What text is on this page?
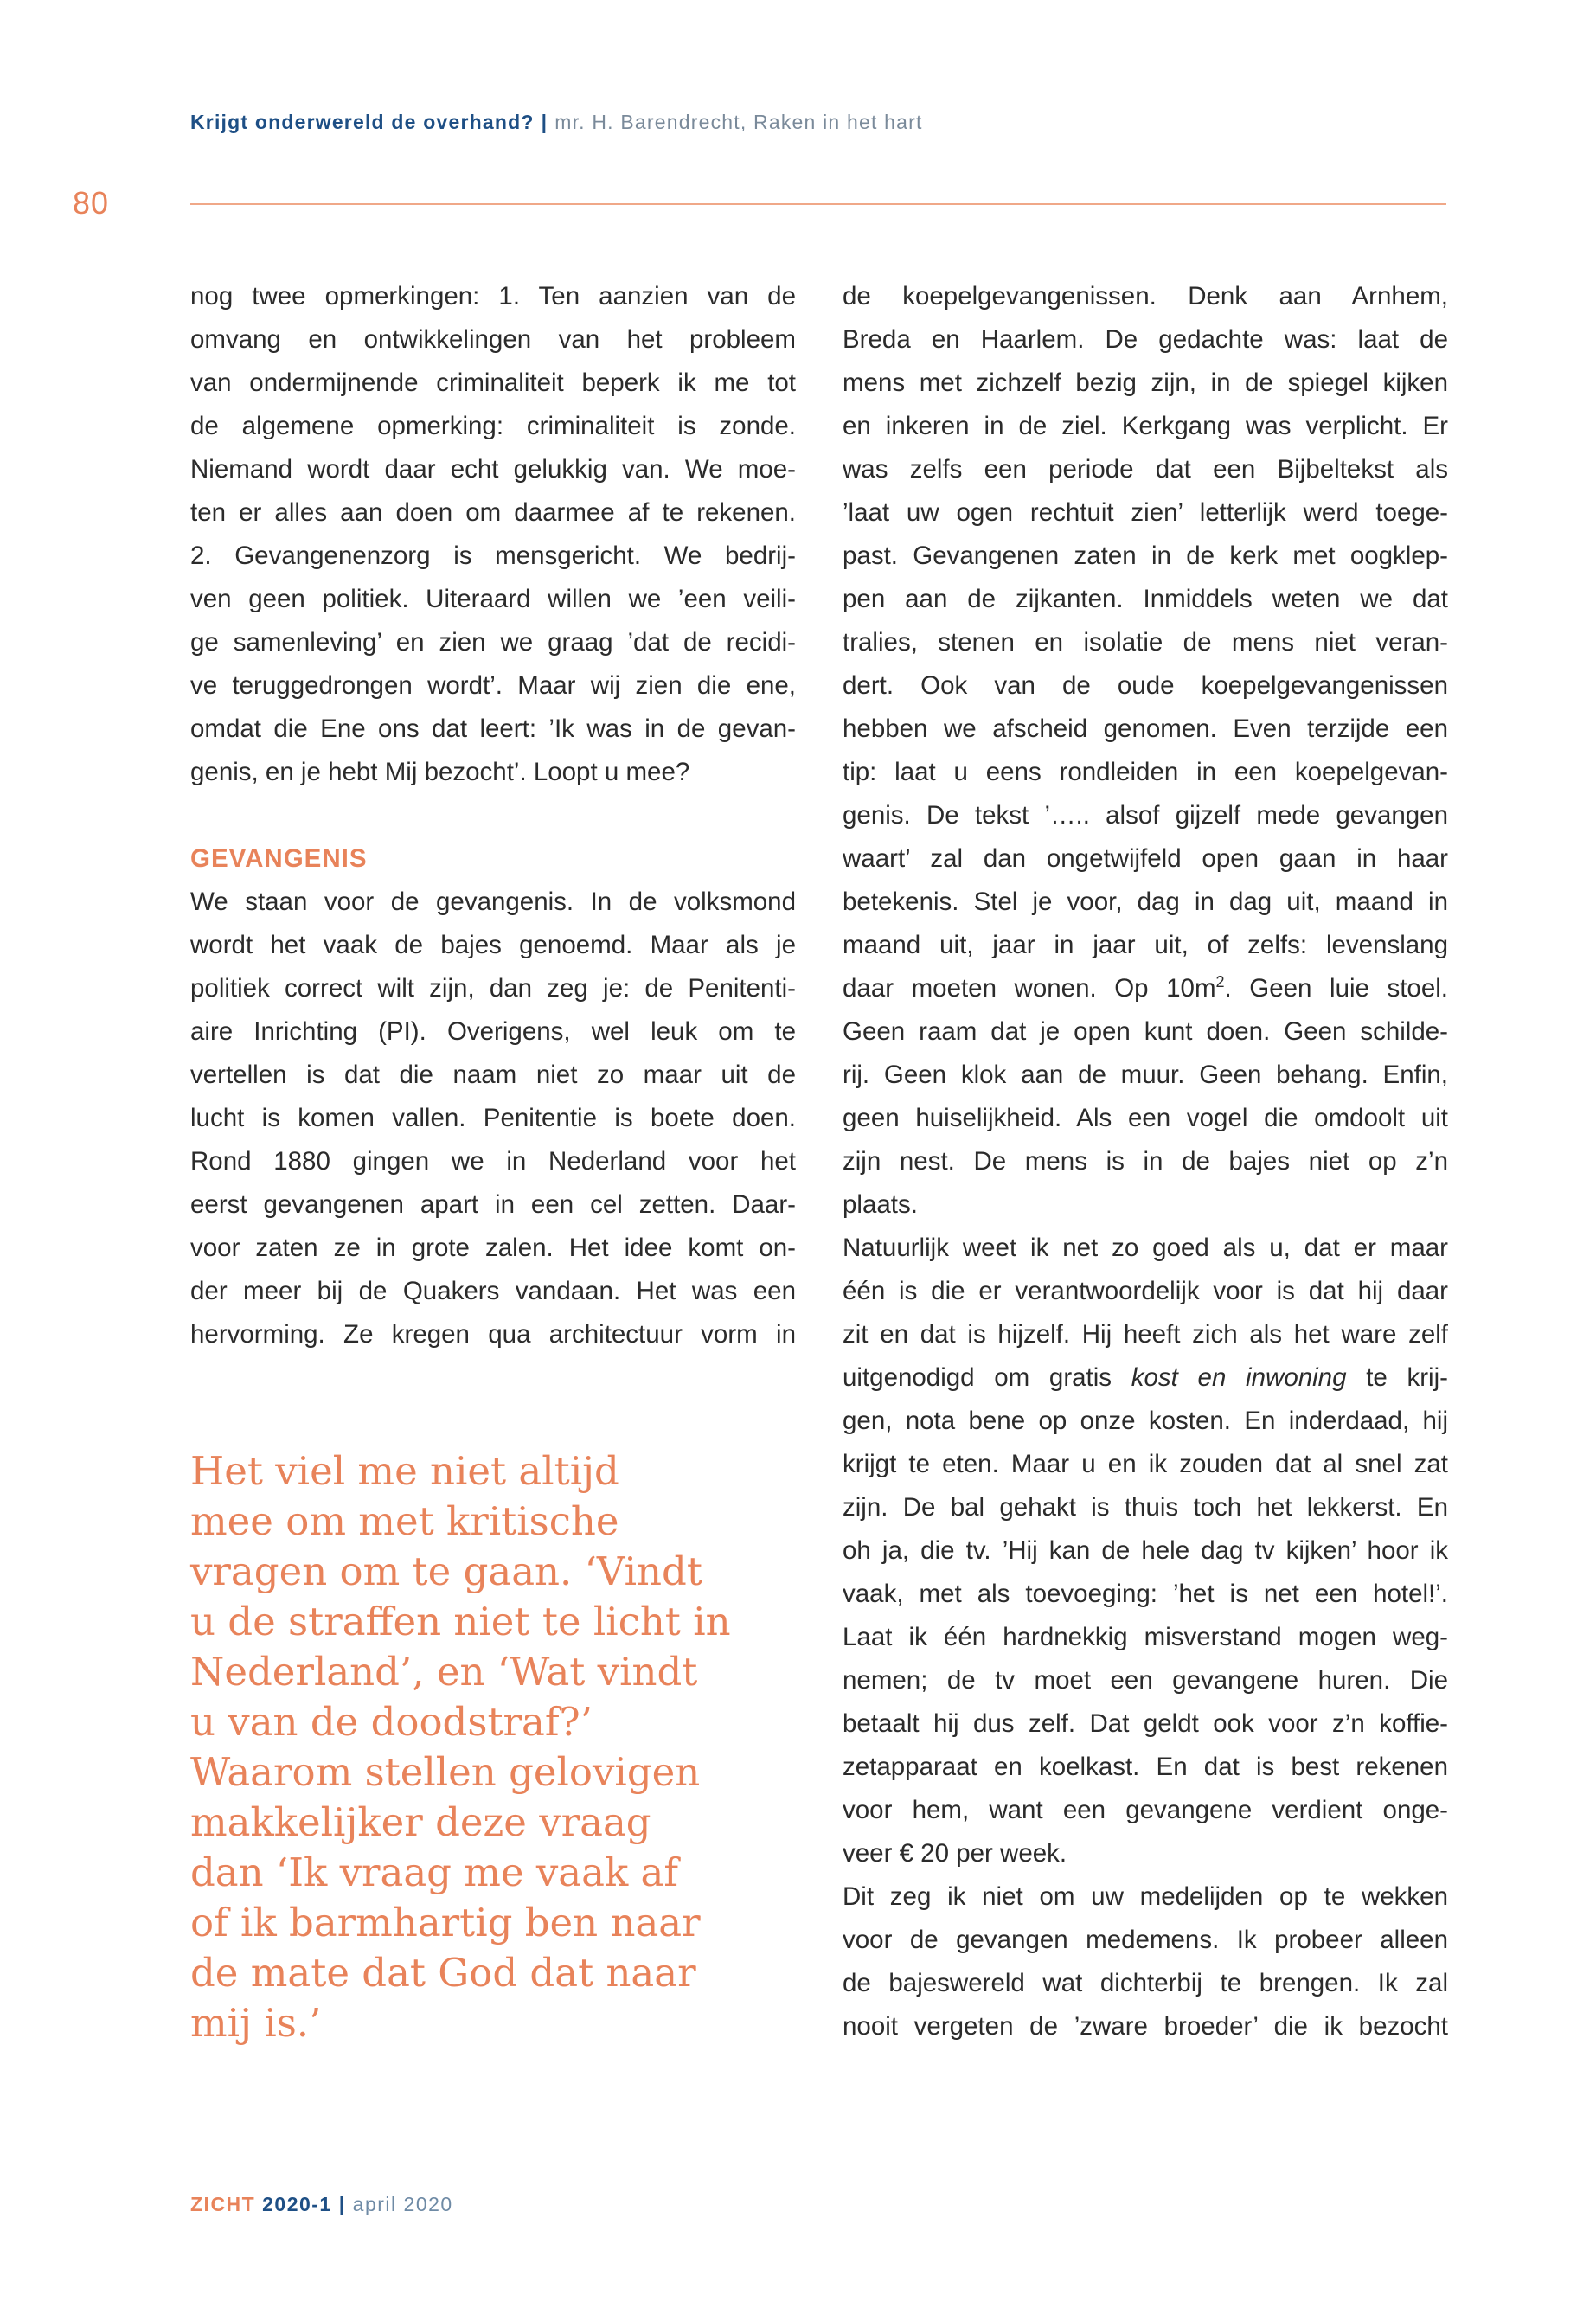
Krijgt onderwereld de overhand? | mr. H. Barendrecht, Raken in het hart
80
nog twee opmerkingen: 1. Ten aanzien van de
omvang en ontwikkelingen van het probleem
van ondermijnende criminaliteit beperk ik me tot
de algemene opmerking: criminaliteit is zonde.
Niemand wordt daar echt gelukkig van. We moe-
ten er alles aan doen om daarmee af te rekenen.
2. Gevangenenzorg is mensgericht. We bedrij-
ven geen politiek. Uiteraard willen we ’een veili-
ge samenleving’ en zien we graag ’dat de recidi-
ve teruggedrongen wordt’. Maar wij zien die ene,
omdat die Ene ons dat leert: ’Ik was in de gevan-
genis, en je hebt Mij bezocht’. Loopt u mee?
GEVANGENIS
We staan voor de gevangenis. In de volksmond
wordt het vaak de bajes genoemd. Maar als je
politiek correct wilt zijn, dan zeg je: de Penitenti-
aire Inrichting (PI). Overigens, wel leuk om te
vertellen is dat die naam niet zo maar uit de
lucht is komen vallen. Penitentie is boete doen.
Rond 1880 gingen we in Nederland voor het
eerst gevangenen apart in een cel zetten. Daar-
voor zaten ze in grote zalen. Het idee komt on-
der meer bij de Quakers vandaan. Het was een
hervorming. Ze kregen qua architectuur vorm in
Het viel me niet altijd
mee om met kritische
vragen om te gaan. ‘Vindt
u de straffen niet te licht in
Nederland’, en ‘Wat vindt
u van de doodstraf?’
Waarom stellen gelovigen
makkelijker deze vraag
dan ‘Ik vraag me vaak af
of ik barmhartig ben naar
de mate dat God dat naar
mij is.’
de koepelgevangenissen. Denk aan Arnhem,
Breda en Haarlem. De gedachte was: laat de
mens met zichzelf bezig zijn, in de spiegel kijken
en inkeren in de ziel. Kerkgang was verplicht. Er
was zelfs een periode dat een Bijbeltekst als
’laat uw ogen rechtuit zien’ letterlijk werd toege-
past. Gevangenen zaten in de kerk met oogklep-
pen aan de zijkanten. Inmiddels weten we dat
tralies, stenen en isolatie de mens niet veran-
dert. Ook van de oude koepelgevangenissen
hebben we afscheid genomen. Even terzijde een
tip: laat u eens rondleiden in een koepelgevan-
genis. De tekst ’….. alsof gijzelf mede gevangen
waart’ zal dan ongetwijfeld open gaan in haar
betekenis. Stel je voor, dag in dag uit, maand in
maand uit, jaar in jaar uit, of zelfs: levenslang
daar moeten wonen. Op $10m^2$. Geen luie stoel.
Geen raam dat je open kunt doen. Geen schilde-
rij. Geen klok aan de muur. Geen behang. Enfin,
geen huiselijkheid. Als een vogel die omdoolt uit
zijn nest. De mens is in de bajes niet op z’n
plaats.
Natuurlijk weet ik net zo goed als u, dat er maar
één is die er verantwoordelijk voor is dat hij daar
zit en dat is hijzelf. Hij heeft zich als het ware zelf
uitgenodigd om gratis kost en inwoning te krij-
gen, nota bene op onze kosten. En inderdaad, hij
krijgt te eten. Maar u en ik zouden dat al snel zat
zijn. De bal gehakt is thuis toch het lekkerst. En
oh ja, die tv. ’Hij kan de hele dag tv kijken’ hoor ik
vaak, met als toevoeging: ’het is net een hotel!’.
Laat ik één hardnekkig misverstand mogen weg-
nemen; de tv moet een gevangene huren. Die
betaalt hij dus zelf. Dat geldt ook voor z’n koffie-
zetapparaat en koelkast. En dat is best rekenen
voor hem, want een gevangene verdient onge-
veer € 20 per week.
Dit zeg ik niet om uw medelijden op te wekken
voor de gevangen medemens. Ik probeer alleen
de bajeswereld wat dichterbij te brengen. Ik zal
nooit vergeten de ’zware broeder’ die ik bezocht
ZICHT 2020-1 | april 2020
